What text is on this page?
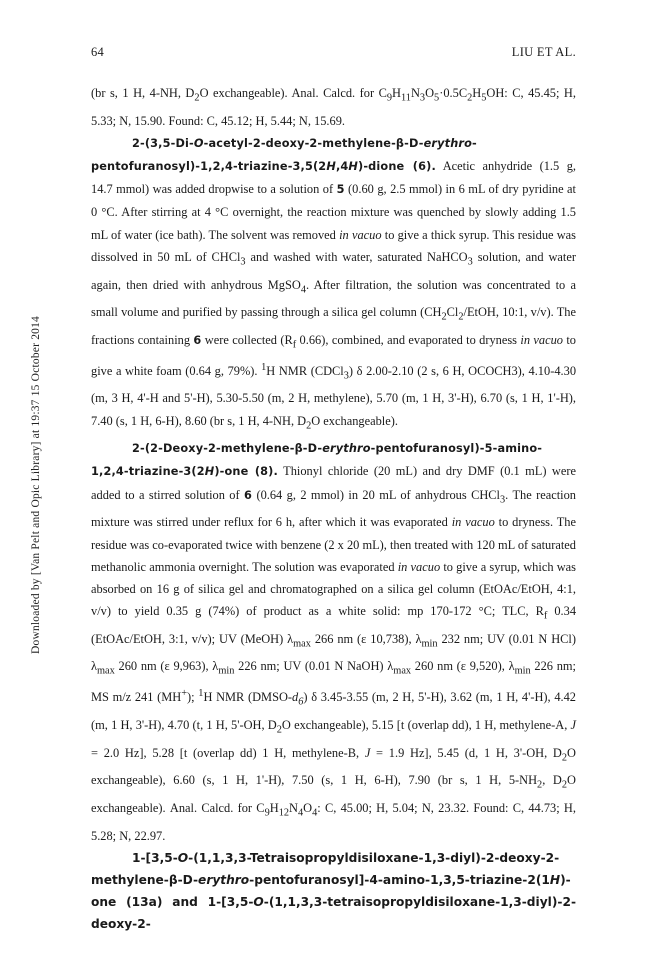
64	LIU ET AL.
Downloaded by [Van Pelt and Opic Library] at 19:37 15 October 2014

(br s, 1 H, 4-NH, $D_2O$ exchangeable). Anal. Calcd. for $C_9H_{11}N_3O_5\cdot 0.5C_2H_5OH$: C, 45.45; H, 5.33; N, 15.90. Found: C, 45.12; H, 5.44; N, 15.69.

2-(3,5-Di-O-acetyl-2-deoxy-2-methylene-β-D-erythro-pentofuranosyl)-1,2,4-triazine-3,5(2H,4H)-dione (6). Acetic anhydride (1.5 g, 14.7 mmol) was added dropwise to a solution of 5 (0.60 g, 2.5 mmol) in 6 mL of dry pyridine at 0 °C. After stirring at 4 °C overnight, the reaction mixture was quenched by slowly adding 1.5 mL of water (ice bath). The solvent was removed in vacuo to give a thick syrup. This residue was dissolved in 50 mL of CHCl$_3$ and washed with water, saturated NaHCO$_3$ solution, and water again, then dried with anhydrous MgSO$_4$. After filtration, the solution was concentrated to a small volume and purified by passing through a silica gel column ($CH_2Cl_2$/EtOH, 10:1, v/v). The fractions containing 6 were collected ($R_f$ 0.66), combined, and evaporated to dryness in vacuo to give a white foam (0.64 g, 79%). $^1$H NMR (CDCl$_3$) δ 2.00-2.10 (2 s, 6 H, OCOCH3), 4.10-4.30 (m, 3 H, 4'-H and 5'-H), 5.30-5.50 (m, 2 H, methylene), 5.70 (m, 1 H, 3'-H), 6.70 (s, 1 H, 1'-H), 7.40 (s, 1 H, 6-H), 8.60 (br s, 1 H, 4-NH, $D_2O$ exchangeable).

2-(2-Deoxy-2-methylene-β-D-erythro-pentofuranosyl)-5-amino-1,2,4-triazine-3(2H)-one (8). Thionyl chloride (20 mL) and dry DMF (0.1 mL) were added to a stirred solution of 6 (0.64 g, 2 mmol) in 20 mL of anhydrous CHCl$_3$. The reaction mixture was stirred under reflux for 6 h, after which it was evaporated in vacuo to dryness. The residue was co-evaporated twice with benzene (2 x 20 mL), then treated with 120 mL of saturated methanolic ammonia overnight. The solution was evaporated in vacuo to give a syrup, which was absorbed on 16 g of silica gel and chromatographed on a silica gel column (EtOAc/EtOH, 4:1, v/v) to yield 0.35 g (74%) of product as a white solid: mp 170-172 °C; TLC, $R_f$ 0.34 (EtOAc/EtOH, 3:1, v/v); UV (MeOH) $\lambda_{max}$ 266 nm (ε 10,738), $\lambda_{min}$ 232 nm; UV (0.01 N HCl) $\lambda_{max}$ 260 nm (ε 9,963), $\lambda_{min}$ 226 nm; UV (0.01 N NaOH) $\lambda_{max}$ 260 nm (ε 9,520), $\lambda_{min}$ 226 nm; MS m/z 241 (MH+); $^1$H NMR $(DMSO-d_6)$ δ 3.45-3.55 (m, 2 H, 5'-H), 3.62 (m, 1 H, 4'-H), 4.42 (m, 1 H, 3'-H), 4.70 (t, 1 H, 5'-OH, $D_2O$ exchangeable), 5.15 [t (overlap dd), 1 H, methylene-A, J = 2.0 Hz], 5.28 [t (overlap dd) 1 H, methylene-B, J = 1.9 Hz], 5.45 (d, 1 H, 3'-OH, $D_2O$ exchangeable), 6.60 (s, 1 H, 1'-H), 7.50 (s, 1 H, 6-H), 7.90 (br s, 1 H, $5-NH_2$, $D_2O$ exchangeable). Anal. Calcd. for $C_9H_{12}N_4O_4$: C, 45.00; H, 5.04; N, 23.32. Found: C, 44.73; H, 5.28; N, 22.97.

1-[3,5-O-(1,1,3,3-Tetraisopropyldisiloxane-1,3-diyl)-2-deoxy-2-methylene-β-D-erythro-pentofuranosyl]-4-amino-1,3,5-triazine-2(1H)-one (13a) and 1-[3,5-O-(1,1,3,3-tetraisopropyldisiloxane-1,3-diyl)-2-deoxy-2-
